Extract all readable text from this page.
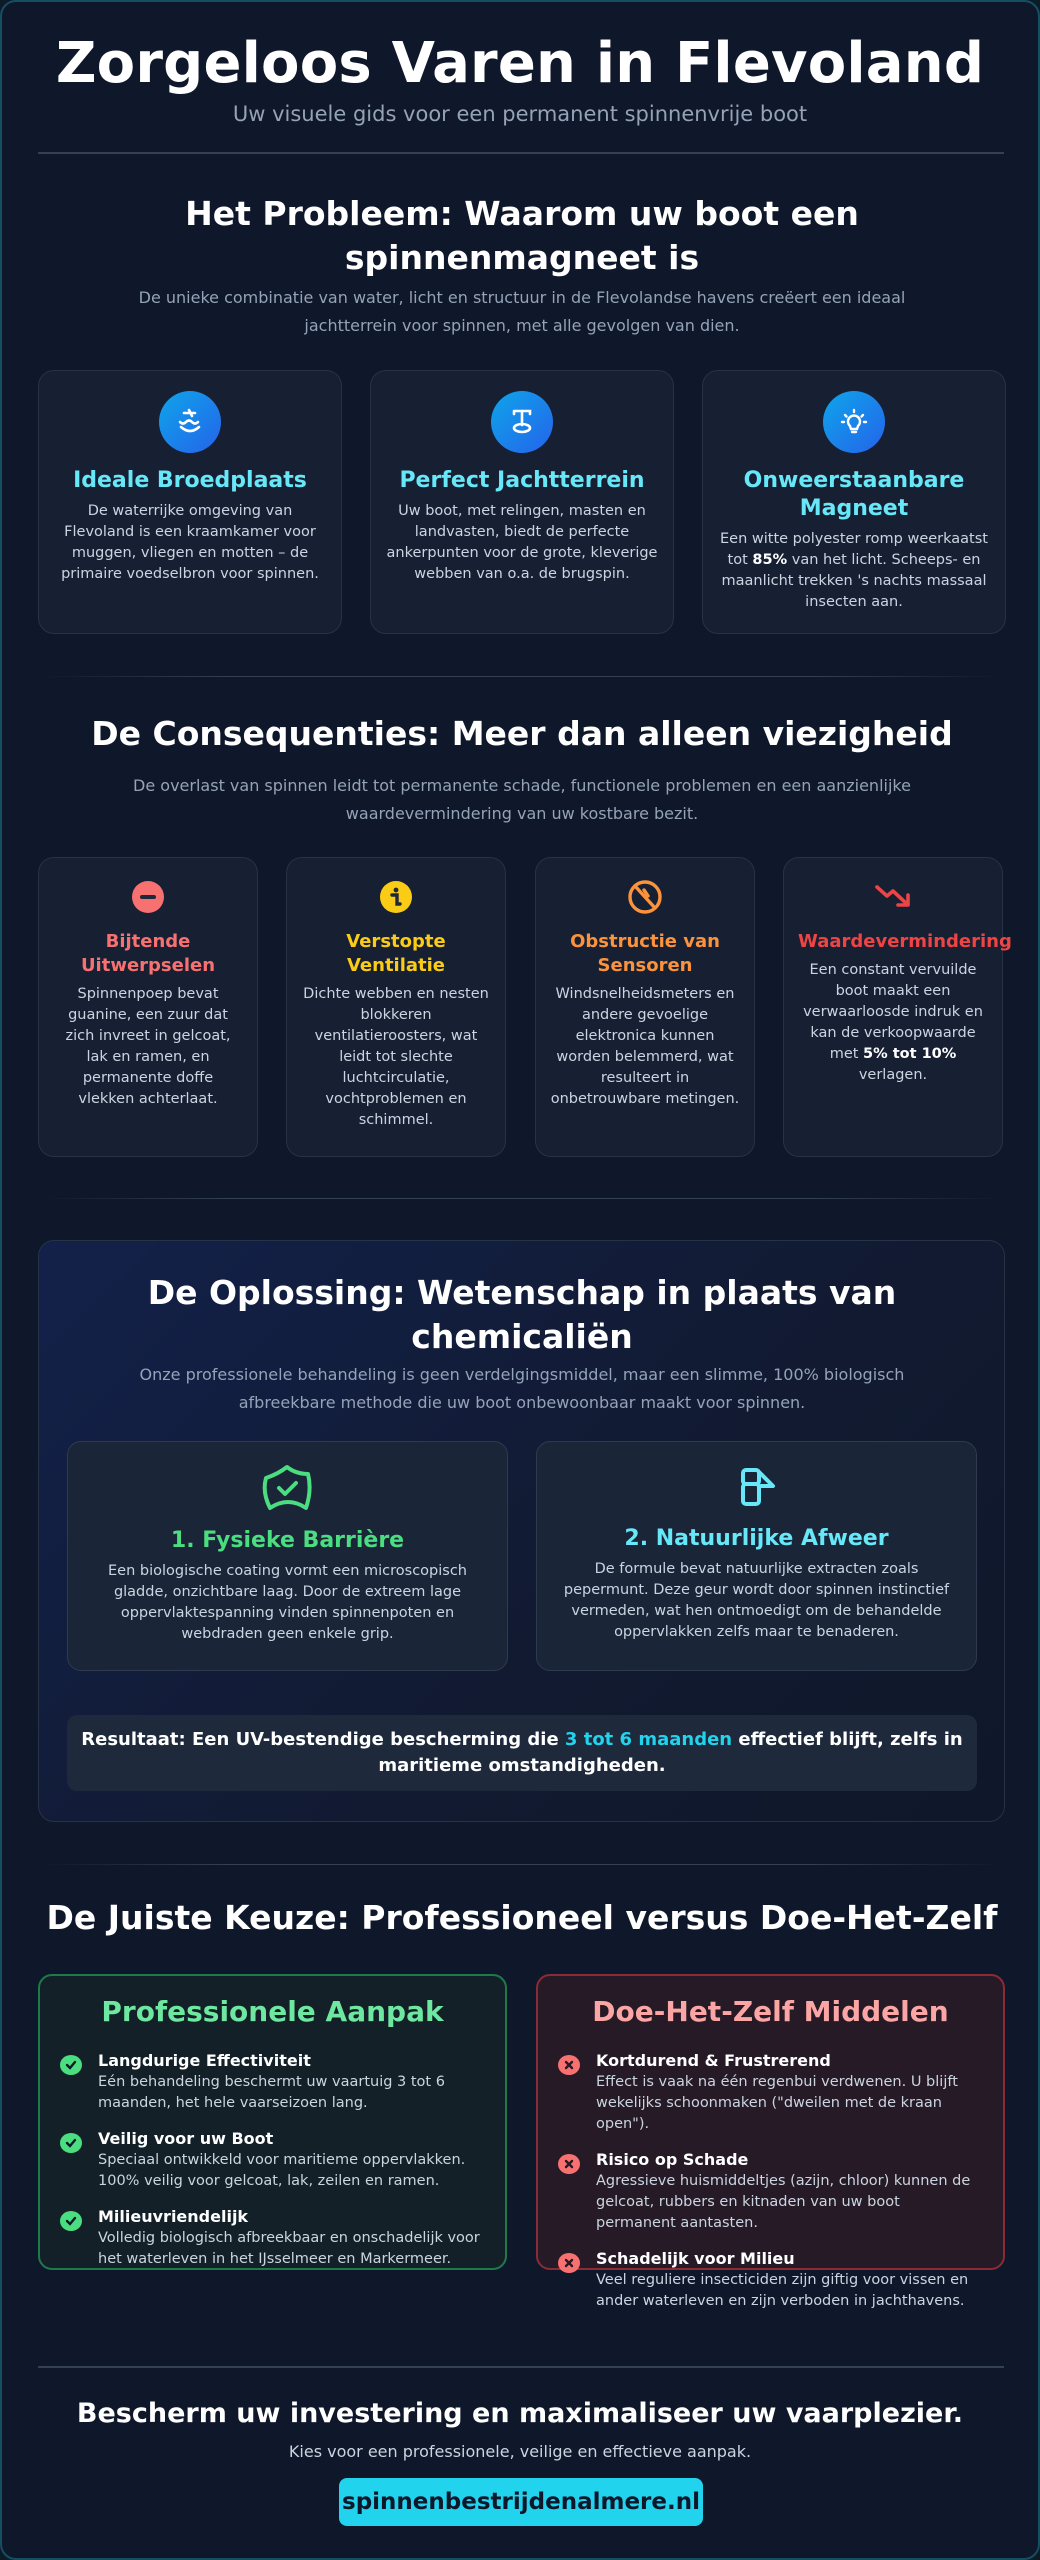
Zorgeloos Varen in Flevoland

Uw visuele gids voor een permanent spinnenvrije boot

Het Probleem: Waarom uw boot een spinnenmagneet is

De unieke combinatie van water, licht en structuur in de Flevolandse havens creëert een ideaal jachtterrein voor spinnen, met alle gevolgen van dien.

Ideale Broedplaats

De waterrijke omgeving van Flevoland is een kraamkamer voor muggen, vliegen en motten – de primaire voedselbron voor spinnen.

Perfect Jachtterrein

Uw boot, met relingen, masten en landvasten, biedt de perfecte ankerpunten voor de grote, kleverige webben van o.a. de brugspin.

Onweerstaanbare Magneet

Een witte polyester romp weerkaatst tot 85% van het licht. Scheeps- en maanlicht trekken 's nachts massaal insecten aan.

De Consequenties: Meer dan alleen viezigheid

De overlast van spinnen leidt tot permanente schade, functionele problemen en een aanzienlijke waardevermindering van uw kostbare bezit.

Bijtende Uitwerpselen

Spinnenpoep bevat guanine, een zuur dat zich invreet in gelcoat, lak en ramen, en permanente doffe vlekken achterlaat.

Verstopte Ventilatie

Dichte webben en nesten blokkeren ventilatieroosters, wat leidt tot slechte luchtcirculatie, vochtproblemen en schimmel.

Obstructie van Sensoren

Windsnelheidsmeters en andere gevoelige elektronica kunnen worden belemmerd, wat resulteert in onbetrouwbare metingen.

Waardevermindering

Een constant vervuilde boot maakt een verwaarloosde indruk en kan de verkoopwaarde met 5% tot 10% verlagen.

De Oplossing: Wetenschap in plaats van chemicaliën

Onze professionele behandeling is geen verdelgingsmiddel, maar een slimme, 100% biologisch afbreekbare methode die uw boot onbewoonbaar maakt voor spinnen.

1. Fysieke Barrière

Een biologische coating vormt een microscopisch gladde, onzichtbare laag. Door de extreem lage oppervlaktespanning vinden spinnenpoten en webdraden geen enkele grip.

2. Natuurlijke Afweer

De formule bevat natuurlijke extracten zoals pepermunt. Deze geur wordt door spinnen instinctief vermeden, wat hen ontmoedigt om de behandelde oppervlakken zelfs maar te benaderen.

Resultaat: Een UV-bestendige bescherming die 3 tot 6 maanden effectief blijft, zelfs in maritieme omstandigheden.
De Juiste Keuze: Professioneel versus Doe-Het-Zelf
Professionele Aanpak
Langdurige Effectiviteit
Eén behandeling beschermt uw vaartuig 3 tot 6 maanden, het hele vaarseizoen lang.
Veilig voor uw Boot
Speciaal ontwikkeld voor maritieme oppervlakken. 100% veilig voor gelcoat, lak, zeilen en ramen.
Milieuvriendelijk
Volledig biologisch afbreekbaar en onschadelijk voor het waterleven in het IJsselmeer en Markermeer.
Doe-Het-Zelf Middelen
Kortdurend & Frustrerend
Effect is vaak na één regenbui verdwenen. U blijft wekelijks schoonmaken ("dweilen met de kraan open").
Risico op Schade
Agressieve huismiddeltjes (azijn, chloor) kunnen de gelcoat, rubbers en kitnaden van uw boot permanent aantasten.
Schadelijk voor Milieu
Veel reguliere insecticiden zijn giftig voor vissen en ander waterleven en zijn verboden in jachthavens.
Bescherm uw investering en maximaliseer uw vaarplezier.

Kies voor een professionele, veilige en effectieve aanpak.

spinnenbestrijdenalmere.nl
